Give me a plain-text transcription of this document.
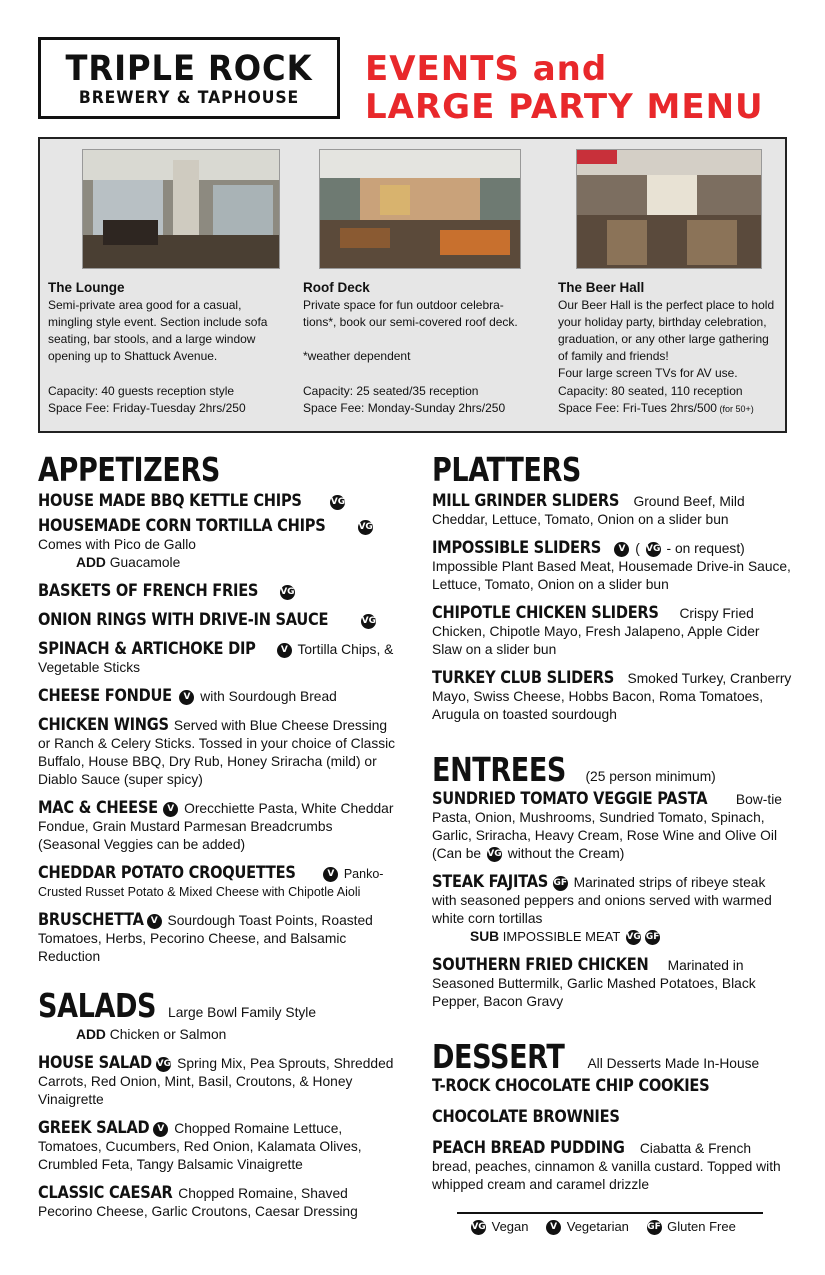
TRIPLE ROCK
BREWERY & TAPHOUSE
EVENTS and
LARGE PARTY MENU
The Lounge

Semi-private area good for a casual,
mingling style event. Section include sofa
seating, bar stools, and a large window
opening up to Shattuck Avenue.

Capacity: 40 guests reception style
Space Fee: Friday-Tuesday 2hrs/250
Roof Deck

Private space for fun outdoor celebra-
tions*, book our semi-covered roof deck.

*weather dependent

Capacity: 25 seated/35 reception
Space Fee: Monday-Sunday 2hrs/250
The Beer Hall

Our Beer Hall is the perfect place to hold
your holiday party, birthday celebration,
graduation, or any other large gathering
of family and friends!
Four large screen TVs for AV use.

Capacity: 80 seated, 110 reception
Space Fee: Fri-Tues 2hrs/500 (for 50+)
APPETIZERS
HOUSE MADE BBQ KETTLE CHIPS	VG
HOUSEMADE CORN TORTILLA CHIPS	VG
Comes with Pico de Gallo
ADD Guacamole
BASKETS OF FRENCH FRIES VG
ONION RINGS WITH DRIVE-IN SAUCE	VG
SPINACH & ARTICHOKE DIP	V Tortilla Chips, & Vegetable Sticks
CHEESE FONDUE V with Sourdough Bread
CHICKEN WINGS Served with Blue Cheese Dressing or Ranch & Celery Sticks. Tossed in your choice of Classic Buffalo, House BBQ, Dry Rub, Honey Sriracha (mild) or Diablo Sauce (super spicy)
MAC & CHEESE V Orecchiette Pasta, White Cheddar Fondue, Grain Mustard Parmesan Breadcrumbs (Seasonal Veggies can be added)
CHEDDAR POTATO CROQUETTES	V Panko-Crusted Russet Potato & Mixed Cheese with Chipotle Aioli
BRUSCHETTA V Sourdough Toast Points, Roasted Tomatoes, Herbs, Pecorino Cheese, and Balsamic Reduction
SALADS Large Bowl Family Style
ADD Chicken or Salmon
HOUSE SALAD VG Spring Mix, Pea Sprouts, Shredded Carrots, Red Onion, Mint, Basil, Croutons, & Honey Vinaigrette
GREEK SALAD V Chopped Romaine Lettuce, Tomatoes, Cucumbers, Red Onion, Kalamata Olives, Crumbled Feta, Tangy Balsamic Vinaigrette
CLASSIC CAESAR Chopped Romaine, Shaved Pecorino Cheese, Garlic Croutons, Caesar Dressing
PLATTERS
MILL GRINDER SLIDERS Ground Beef, Mild Cheddar, Lettuce, Tomato, Onion on a slider bun
IMPOSSIBLE SLIDERS V ( VG - on request)
Impossible Plant Based Meat, Housemade Drive-in Sauce, Lettuce, Tomato, Onion on a slider bun
CHIPOTLE CHICKEN SLIDERS Crispy Fried Chicken, Chipotle Mayo, Fresh Jalapeno, Apple Cider Slaw on a slider bun
TURKEY CLUB SLIDERS Smoked Turkey, Cranberry Mayo, Swiss Cheese, Hobbs Bacon, Roma Tomatoes, Arugula on toasted sourdough
ENTREES (25 person minimum)
SUNDRIED TOMATO VEGGIE PASTA Bow-tie Pasta, Onion, Mushrooms, Sundried Tomato, Spinach, Garlic, Sriracha, Heavy Cream, Rose Wine and Olive Oil
(Can be VG without the Cream)
STEAK FAJITAS GF Marinated strips of ribeye steak with seasoned peppers and onions served with warmed white corn tortillas
SUB IMPOSSIBLE MEAT VG GF
SOUTHERN FRIED CHICKEN Marinated in Seasoned Buttermilk, Garlic Mashed Potatoes, Black Pepper, Bacon Gravy
DESSERT All Desserts Made In-House
T-ROCK CHOCOLATE CHIP COOKIES
CHOCOLATE BROWNIES
PEACH BREAD PUDDING Ciabatta & French bread, peaches, cinnamon & vanilla custard. Topped with whipped cream and caramel drizzle
VG Vegan V Vegetarian GF Gluten Free
